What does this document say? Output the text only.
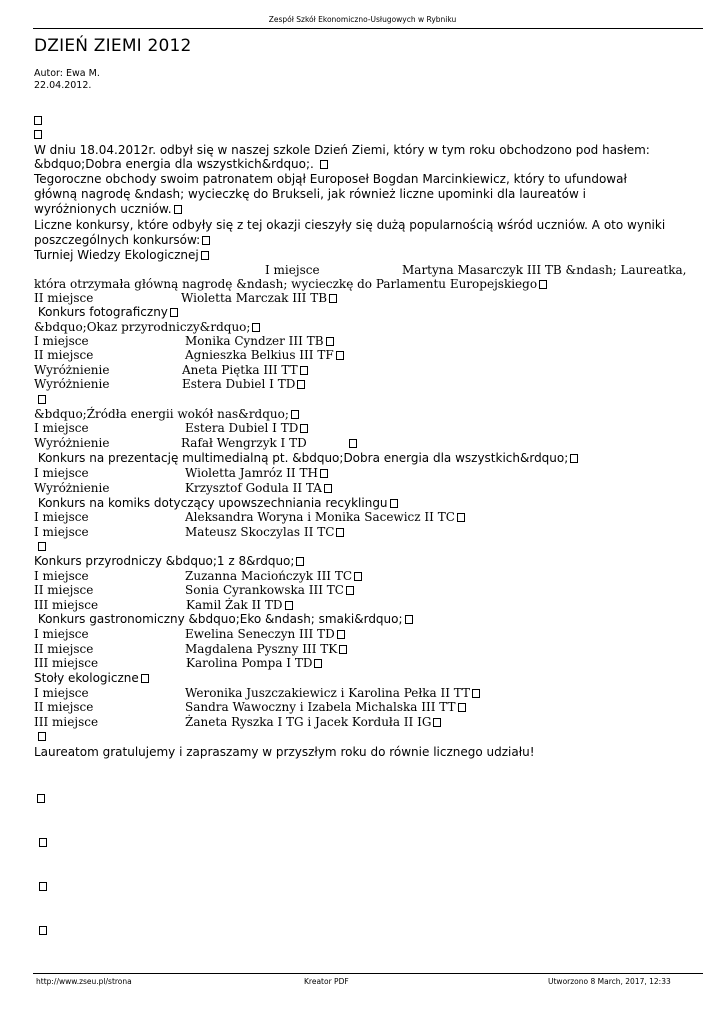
Zespół Szkół Ekonomiczno-Usługowych w Rybniku
DZIEŃ ZIEMI 2012
Autor: Ewa M.
22.04.2012.
W dniu 18.04.2012r. odbył się w naszej szkole Dzień Ziemi, który w tym roku obchodzono pod hasłem:
&bdquo;Dobra energia dla wszystkich&rdquo;.
Tegoroczne obchody swoim patronatem objął Europoseł Bogdan Marcinkiewicz, który to ufundował
główną nagrodę &ndash; wycieczkę do Brukseli, jak również liczne upominki dla laureatów i
wyróżnionych uczniów.
Liczne konkursy, które odbyły się z tej okazji cieszyły się dużą popularnością wśród uczniów. A oto wyniki
poszczególnych konkursów:
Turniej Wiedzy Ekologicznej
I miejsce	Martyna Masarczyk III TB &ndash; Laureatka,
która otrzymała główną nagrodę &ndash; wycieczkę do Parlamentu Europejskiego
II miejsce	Wioletta Marczak III TB
Konkurs fotograficzny
&bdquo;Okaz przyrodniczy&rdquo;
I miejsce	Monika Cyndzer III TB
II miejsce	Agnieszka Belkius III TF
Wyróżnienie	Aneta Piętka III TT
Wyróżnienie	Estera Dubiel I TD
&bdquo;Źródła energii wokół nas&rdquo;
I miejsce	Estera Dubiel I TD
Wyróżnienie	Rafał Wengrzyk I TD
Konkurs na prezentację multimedialną pt. &bdquo;Dobra energia dla wszystkich&rdquo;
I miejsce	Wioletta Jamróz II TH
Wyróżnienie	Krzysztof Godula II TA
Konkurs na komiks dotyczący upowszechniania recyklingu
I miejsce	Aleksandra Woryna i Monika Sacewicz II TC
I miejsce	Mateusz Skoczylas II TC
Konkurs przyrodniczy &bdquo;1 z 8&rdquo;
I miejsce	Zuzanna Maciończyk III TC
II miejsce	Sonia Cyrankowska III TC
III miejsce	Kamil Żak II TD
Konkurs gastronomiczny &bdquo;Eko &ndash; smaki&rdquo;
I miejsce	Ewelina Seneczyn III TD
II miejsce	Magdalena Pyszny III TK
III miejsce	Karolina Pompa I TD
Stoły ekologiczne
I miejsce	Weronika Juszczakiewicz i Karolina Pełka II TT
II miejsce	Sandra Wawoczny i Izabela Michalska III TT
III miejsce	Żaneta Ryszka I TG i Jacek Korduła II IG
Laureatom gratulujemy i zapraszamy w przyszłym roku do równie licznego udziału!
http://www.zseu.pl/strona	Kreator PDF	Utworzono 8 March, 2017, 12:33
